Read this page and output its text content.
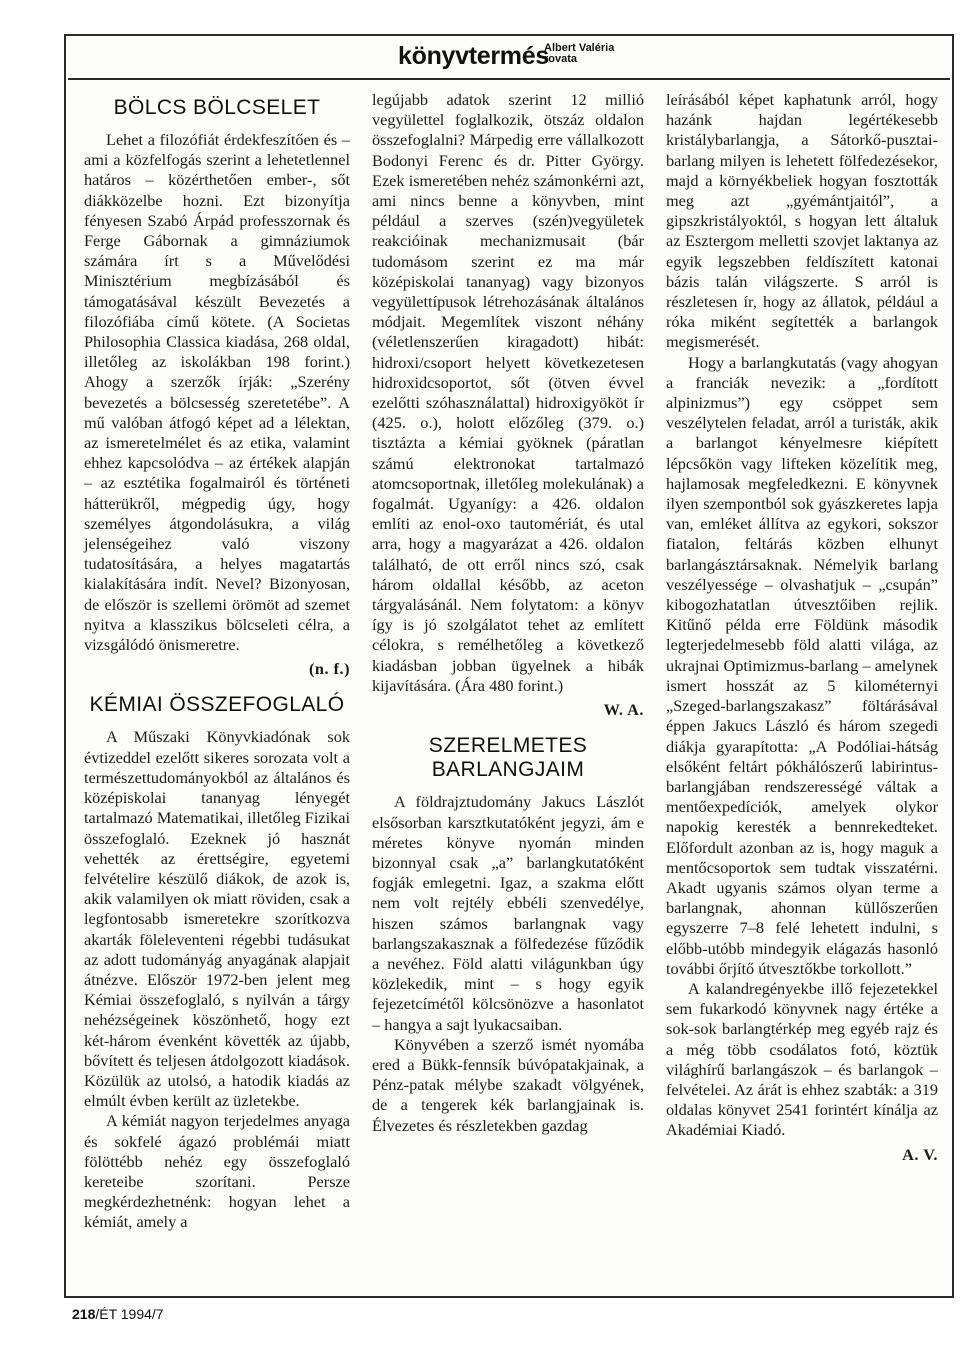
könyvtermés
Albert Valéria
rovata
BÖLCS BÖLCSELET

Lehet a filozófiát érdekfeszítően és – ami a közfelfogás szerint a lehetetlennel határos – közérthetően ember-, sőt diákközelbe hozni. Ezt bizonyítja fényesen Szabó Árpád professzornak és Ferge Gábornak a gimnáziumok számára írt s a Művelődési Minisztérium megbízásából és támogatásával készült Bevezetés a filozófiába című kötete. (A Societas Philosophia Classica kiadása, 268 oldal, illetőleg az iskolákban 198 forint.) Ahogy a szerzők írják: „Szerény bevezetés a bölcsesség szeretetébe”. A mű valóban átfogó képet ad a lélektan, az ismeretelmélet és az etika, valamint ehhez kapcsolódva – az értékek alapján – az esztétika fogalmairól és történeti hátterükről, mégpedig úgy, hogy személyes átgondolásukra, a világ jelenségeihez való viszony tudatosítására, a helyes magatartás kialakítására indít. Nevel? Bizonyosan, de először is szellemi örömöt ad szemet nyitva a klasszikus bölcseleti célra, a vizsgálódó önismeretre.

(n. f.)
KÉMIAI ÖSSZEFOGLALÓ

A Műszaki Könyvkiadónak sok évtizeddel ezelőtt sikeres sorozata volt a természettudományokból az általános és középiskolai tananyag lényegét tartalmazó Matematikai, illetőleg Fizikai összefoglaló. Ezeknek jó hasznát vehették az érettségire, egyetemi felvételire készülő diákok, de azok is, akik valamilyen ok miatt röviden, csak a legfontosabb ismeretekre szorítkozva akarták föleleventeni régebbi tudásukat az adott tudományág anyagának alapjait átnézve. Először 1972-ben jelent meg Kémiai összefoglaló, s nyilván a tárgy nehézségeinek köszönhető, hogy ezt két-három évenként követték az újabb, bővített és teljesen átdolgozott kiadások. Közülük az utolsó, a hatodik kiadás az elmúlt évben került az üzletekbe.

A kémiát nagyon terjedelmes anyaga és sokfelé ágazó problémái miatt fölöttébb nehéz egy összefoglaló kereteibe szorítani. Persze megkérdezhetnénk: hogyan lehet a kémiát, amely a

legújabb adatok szerint 12 millió vegyülettel foglalkozik, ötszáz oldalon összefoglalni? Márpedig erre vállalkozott Bodonyi Ferenc és dr. Pitter György. Ezek ismeretében nehéz számonkérni azt, ami nincs benne a könyvben, mint például a szerves (szén)vegyületek reakcióinak mechanizmusait (bár tudomásom szerint ez ma már középiskolai tananyag) vagy bizonyos vegyülettípusok létrehozásának általános módjait. Megemlítek viszont néhány (véletlenszerűen kiragadott) hibát: hidroxi/csoport helyett következetesen hidroxidcsoportot, sőt (ötven évvel ezelőtti szóhasználattal) hidroxigyököt ír (425. o.), holott előzőleg (379. o.) tisztázta a kémiai gyöknek (páratlan számú elektronokat tartalmazó atomcsoportnak, illetőleg molekulának) a fogalmát. Ugyanígy: a 426. oldalon említi az enol-oxo tautomériát, és utal arra, hogy a magyarázat a 426. oldalon található, de ott erről nincs szó, csak három oldallal később, az aceton tárgyalásánál. Nem folytatom: a könyv így is jó szolgálatot tehet az említett célokra, s remélhetőleg a következő kiadásban jobban ügyelnek a hibák kijavítására. (Ára 480 forint.)

W. A.
SZERELMETES
BARLANGJAIM

A földrajztudomány Jakucs Lászlót elsősorban karsztkutatóként jegyzi, ám e méretes könyve nyomán minden bizonnyal csak „a” barlangkutatóként fogják emlegetni. Igaz, a szakma előtt nem volt rejtély ebbéli szenvedélye, hiszen számos barlangnak vagy barlangszakasznak a fölfedezése fűződik a nevéhez. Föld alatti világunkban úgy közlekedik, mint – s hogy egyik fejezetcímétől kölcsönözve a hasonlatot – hangya a sajt lyukacsaiban.

Könyvében a szerző ismét nyomába ered a Bükk-fennsík búvópatakjainak, a Pénz-patak mélybe szakadt völgyének, de a tengerek kék barlangjainak is. Élvezetes és részletekben gazdag

leírásából képet kaphatunk arról, hogy hazánk hajdan legértékesebb kristálybarlangja, a Sátorkő-pusztai-barlang milyen is lehetett fölfedezésekor, majd a környékbeliek hogyan fosztották meg azt „gyémántjaitól”, a gipszkristályoktól, s hogyan lett általuk az Esztergom melletti szovjet laktanya az egyik legszebben feldíszített katonai bázis talán világszerte. S arról is részletesen ír, hogy az állatok, például a róka miként segítették a barlangok megismerését.

Hogy a barlangkutatás (vagy ahogyan a franciák nevezik: a „fordított alpinizmus”) egy csöppet sem veszélytelen feladat, arról a turisták, akik a barlangot kényelmesre kiépített lépcsőkön vagy lifteken közelítik meg, hajlamosak megfeledkezni. E könyvnek ilyen szempontból sok gyászkeretes lapja van, emléket állítva az egykori, sokszor fiatalon, feltárás közben elhunyt barlangásztársaknak. Némelyik barlang veszélyessége – olvashatjuk – „csupán” kibogozhatatlan útvesztőiben rejlik. Kitűnő példa erre Földünk második legterjedelmesebb föld alatti világa, az ukrajnai Optimizmus-barlang – amelynek ismert hosszát az 5 kilométernyi „Szeged-barlangszakasz” föltárásával éppen Jakucs László és három szegedi diákja gyarapította: „A Podóliai-hátság elsőként feltárt pókhálószerű labirintus-barlangjában rendszerességé váltak a mentőexpedíciók, amelyek olykor napokig keresték a bennrekedteket. Előfordult azonban az is, hogy maguk a mentőcsoportok sem tudtak visszatérni. Akadt ugyanis számos olyan terme a barlangnak, ahonnan küllőszerűen egyszerre 7–8 felé lehetett indulni, s előbb-utóbb mindegyik elágazás hasonló további őrjítő útvesztőkbe torkollott.”

A kalandregényekbe illő fejezetekkel sem fukarkodó könyvnek nagy értéke a sok-sok barlangtérkép meg egyéb rajz és a még több csodálatos fotó, köztük világhírű barlangászok – és barlangok – felvételei. Az árát is ehhez szabták: a 319 oldalas könyvet 2541 forintért kínálja az Akadémiai Kiadó.

A. V.
218/ÉT 1994/7
